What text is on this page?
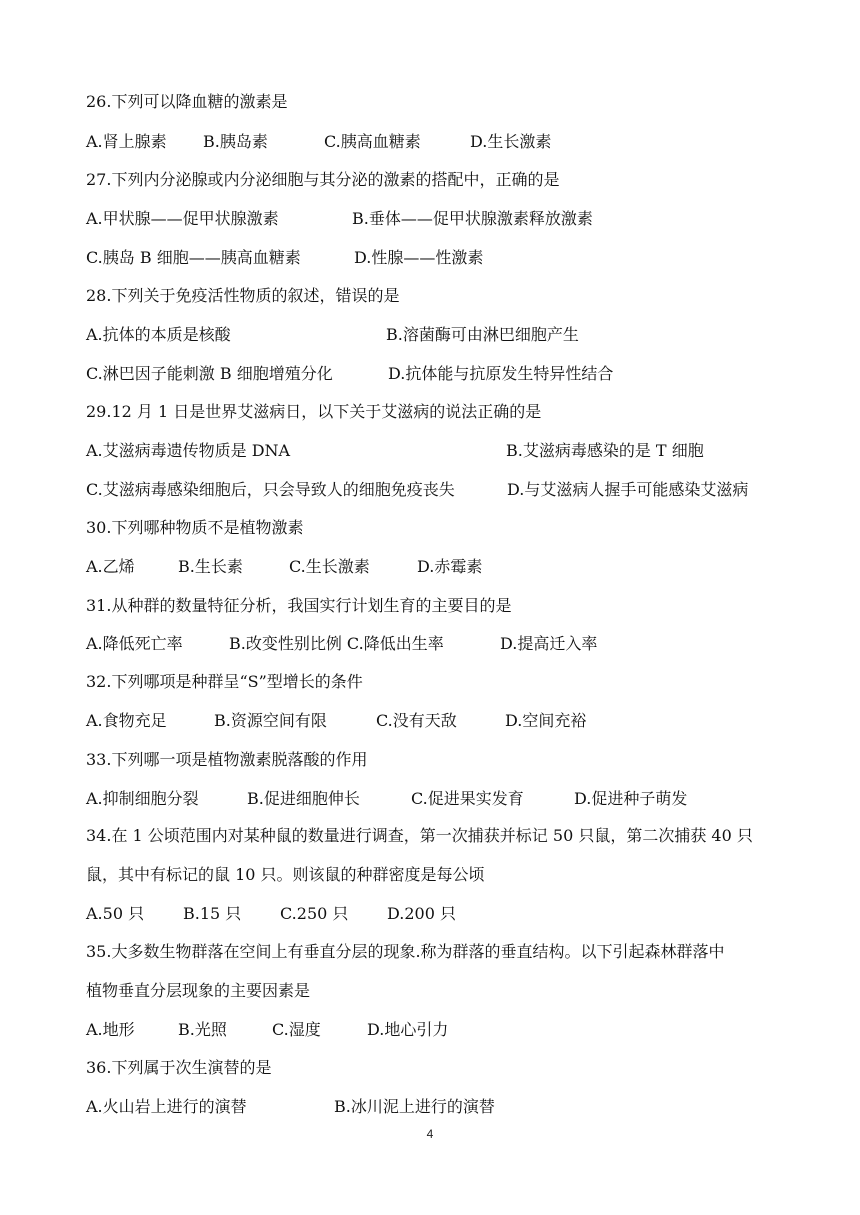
26.下列可以降血糖的激素是
A.肾上腺素 B.胰岛素	C.胰高血糖素	D.生长激素
27.下列内分泌腺或内分泌细胞与其分泌的激素的搭配中，正确的是
A.甲状腺——促甲状腺激素	B.垂体——促甲状腺激素释放激素
C.胰岛 B 细胞——胰高血糖素	D.性腺——性激素
28.下列关于免疫活性物质的叙述，错误的是
A.抗体的本质是核酸	B.溶菌酶可由淋巴细胞产生
C.淋巴因子能刺激 B 细胞增殖分化	D.抗体能与抗原发生特异性结合
29.12 月 1 日是世界艾滋病日，以下关于艾滋病的说法正确的是
A.艾滋病毒遗传物质是 DNA	B.艾滋病毒感染的是 T 细胞
C.艾滋病毒感染细胞后，只会导致人的细胞免疫丧失	D.与艾滋病人握手可能感染艾滋病
30.下列哪种物质不是植物激素
A.乙烯	B.生长素	C.生长激素	D.赤霉素
31.从种群的数量特征分析，我国实行计划生育的主要目的是
A.降低死亡率	B.改变性别比例 C.降低出生率	D.提高迁入率
32.下列哪项是种群呈“S”型增长的条件
A.食物充足	B.资源空间有限	C.没有天敌	D.空间充裕
33.下列哪一项是植物激素脱落酸的作用
A.抑制细胞分裂	B.促进细胞伸长	C.促进果实发育	D.促进种子萌发
34.在 1 公顷范围内对某种鼠的数量进行调查，第一次捕获并标记 50 只鼠，第二次捕获 40 只
鼠，其中有标记的鼠 10 只。则该鼠的种群密度是每公顷
A.50 只 B.15 只 C.250 只 D.200 只
35.大多数生物群落在空间上有垂直分层的现象.称为群落的垂直结构。以下引起森林群落中
植物垂直分层现象的主要因素是
A.地形	B.光照	C.湿度	D.地心引力
36.下列属于次生演替的是
A.火山岩上进行的演替	B.冰川泥上进行的演替
4
